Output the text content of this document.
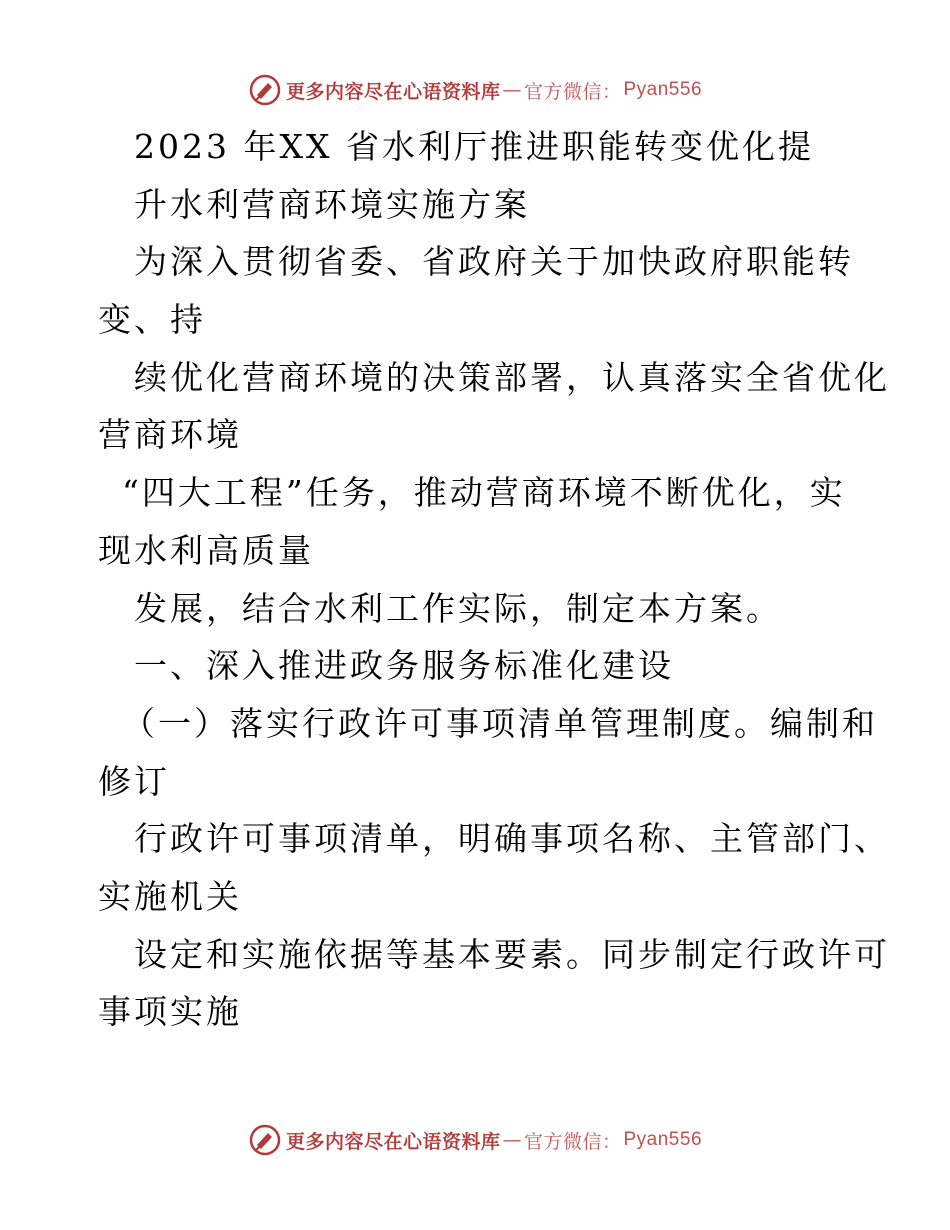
更多内容尽在心语资料库 — 官方微信： Pyan556
2023 年XX 省水利厅推进职能转变优化提
升水利营商环境实施方案
为深入贯彻省委、省政府关于加快政府职能转
变、持
续优化营商环境的决策部署，认真落实全省优化
营商环境
“四大工程”任务，推动营商环境不断优化，实
现水利高质量
发展，结合水利工作实际，制定本方案。
一、深入推进政务服务标准化建设
（一）落实行政许可事项清单管理制度。编制和
修订
行政许可事项清单，明确事项名称、主管部门、
实施机关
设定和实施依据等基本要素。同步制定行政许可
事项实施
更多内容尽在心语资料库 — 官方微信： Pyan556
